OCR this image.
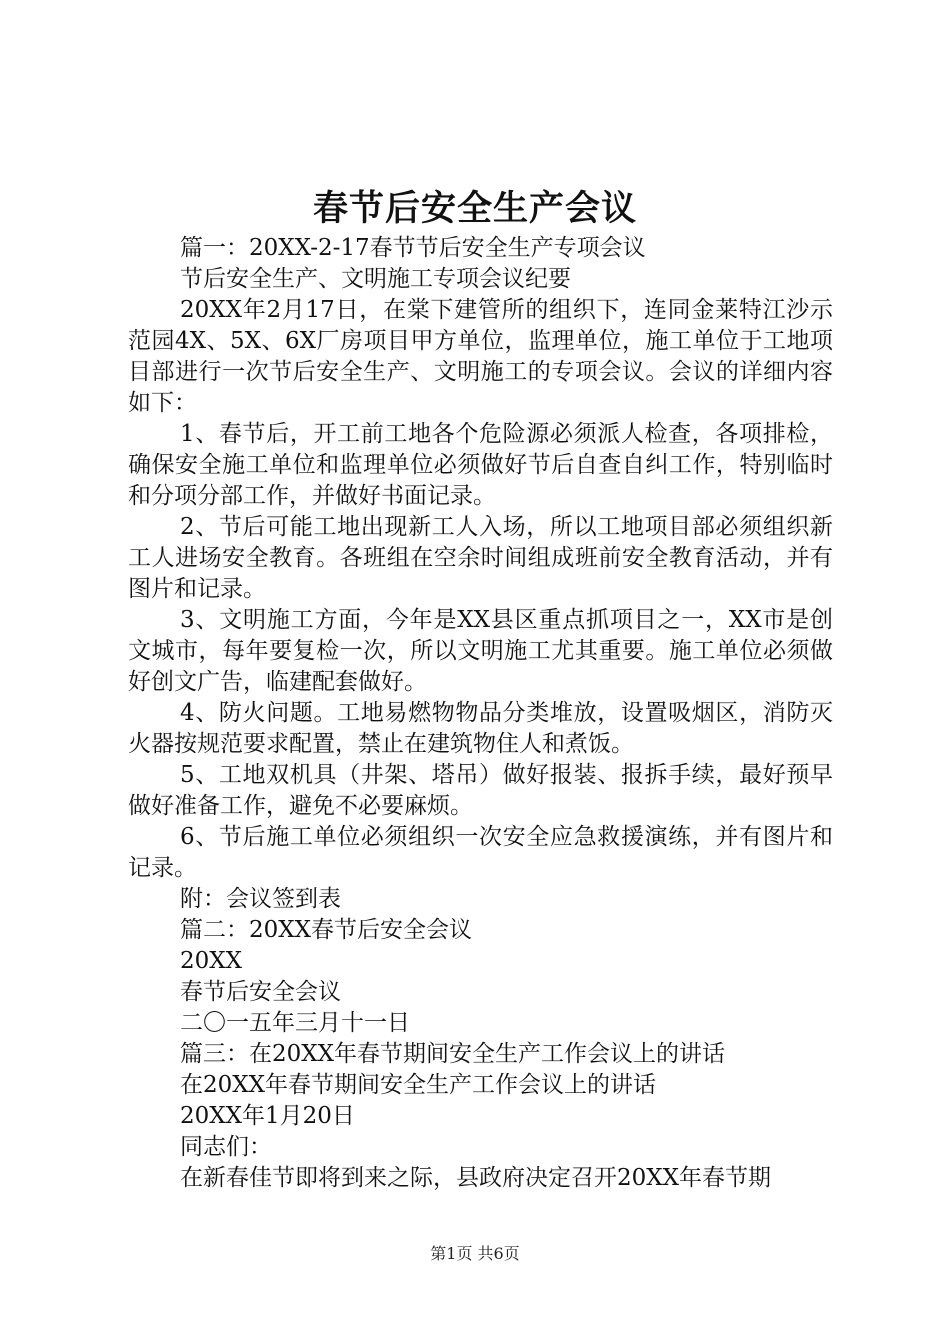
春节后安全生产会议

篇一：20XX-2-17春节节后安全生产专项会议

节后安全生产、文明施工专项会议纪要

20XX年2月17日，在棠下建管所的组织下，连同金莱特江沙示范园4X、5X、6X厂房项目甲方单位，监理单位，施工单位于工地项目部进行一次节后安全生产、文明施工的专项会议。会议的详细内容如下：

1、春节后，开工前工地各个危险源必须派人检查，各项排检，确保安全施工单位和监理单位必须做好节后自查自纠工作，特别临时和分项分部工作，并做好书面记录。

2、节后可能工地出现新工人入场，所以工地项目部必须组织新工人进场安全教育。各班组在空余时间组成班前安全教育活动，并有图片和记录。

3、文明施工方面，今年是XX县区重点抓项目之一，XX市是创文城市，每年要复检一次，所以文明施工尤其重要。施工单位必须做好创文广告，临建配套做好。

4、防火问题。工地易燃物物品分类堆放，设置吸烟区，消防灭火器按规范要求配置，禁止在建筑物住人和煮饭。

5、工地双机具（井架、塔吊）做好报装、报拆手续，最好预早做好准备工作，避免不必要麻烦。

6、节后施工单位必须组织一次安全应急救援演练，并有图片和记录。

附：会议签到表

篇二：20XX春节后安全会议

20XX

春节后安全会议

二〇一五年三月十一日

篇三：在20XX年春节期间安全生产工作会议上的讲话

在20XX年春节期间安全生产工作会议上的讲话

20XX年1月20日

同志们：

在新春佳节即将到来之际，县政府决定召开20XX年春节期

第1页 共6页
